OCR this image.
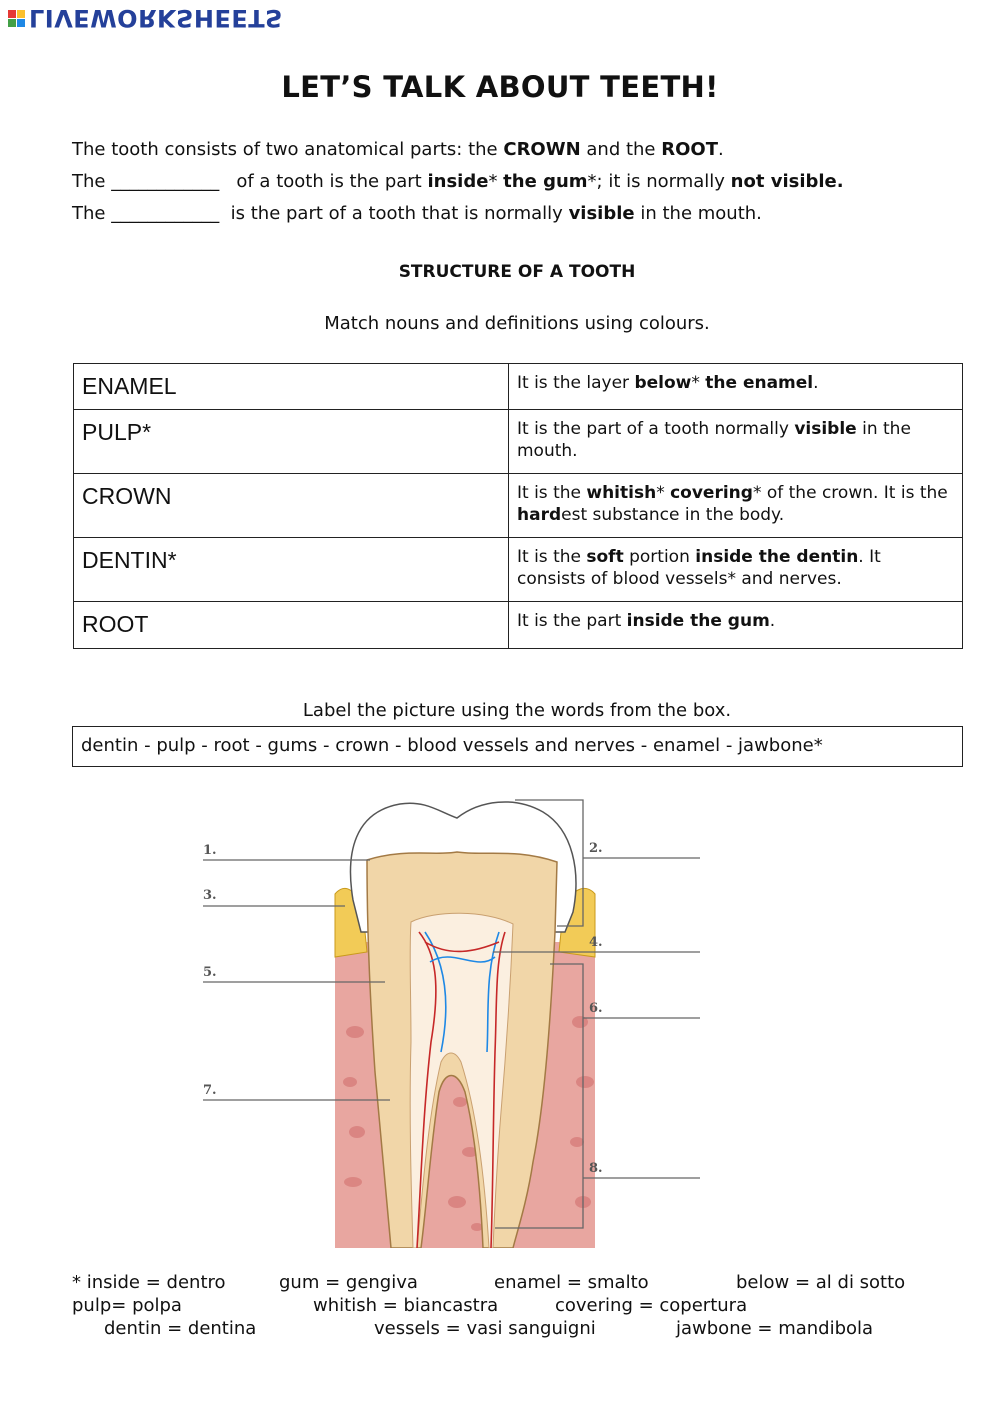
LIVEWORKSHEETS
LET’S TALK ABOUT TEETH!
The tooth consists of two anatomical parts: the CROWN and the ROOT.
The ____________   of a tooth is the part inside* the gum*; it is normally not visible.
The ____________  is the part of a tooth that is normally visible in the mouth.
STRUCTURE OF A TOOTH
Match nouns and definitions using colours.
ENAMEL	It is the layer below* the enamel.
PULP*	It is the part of a tooth normally visible in the mouth.
CROWN	It is the whitish* covering* of the crown. It is the hardest substance in the body.
DENTIN*	It is the soft portion inside the dentin. It consists of blood vessels* and nerves.
ROOT	It is the part inside the gum.
Label the picture using the words from the box.
dentin - pulp - root - gums - crown - blood vessels and nerves - enamel - jawbone*
1.	2.
3.
4.
5.
6.
7.
8.
* inside = dentro	gum = gengiva	enamel = smalto	below = al di sotto
pulp= polpa	whitish = biancastra	covering = copertura
dentin = dentina	vessels = vasi sanguigni	jawbone = mandibola
